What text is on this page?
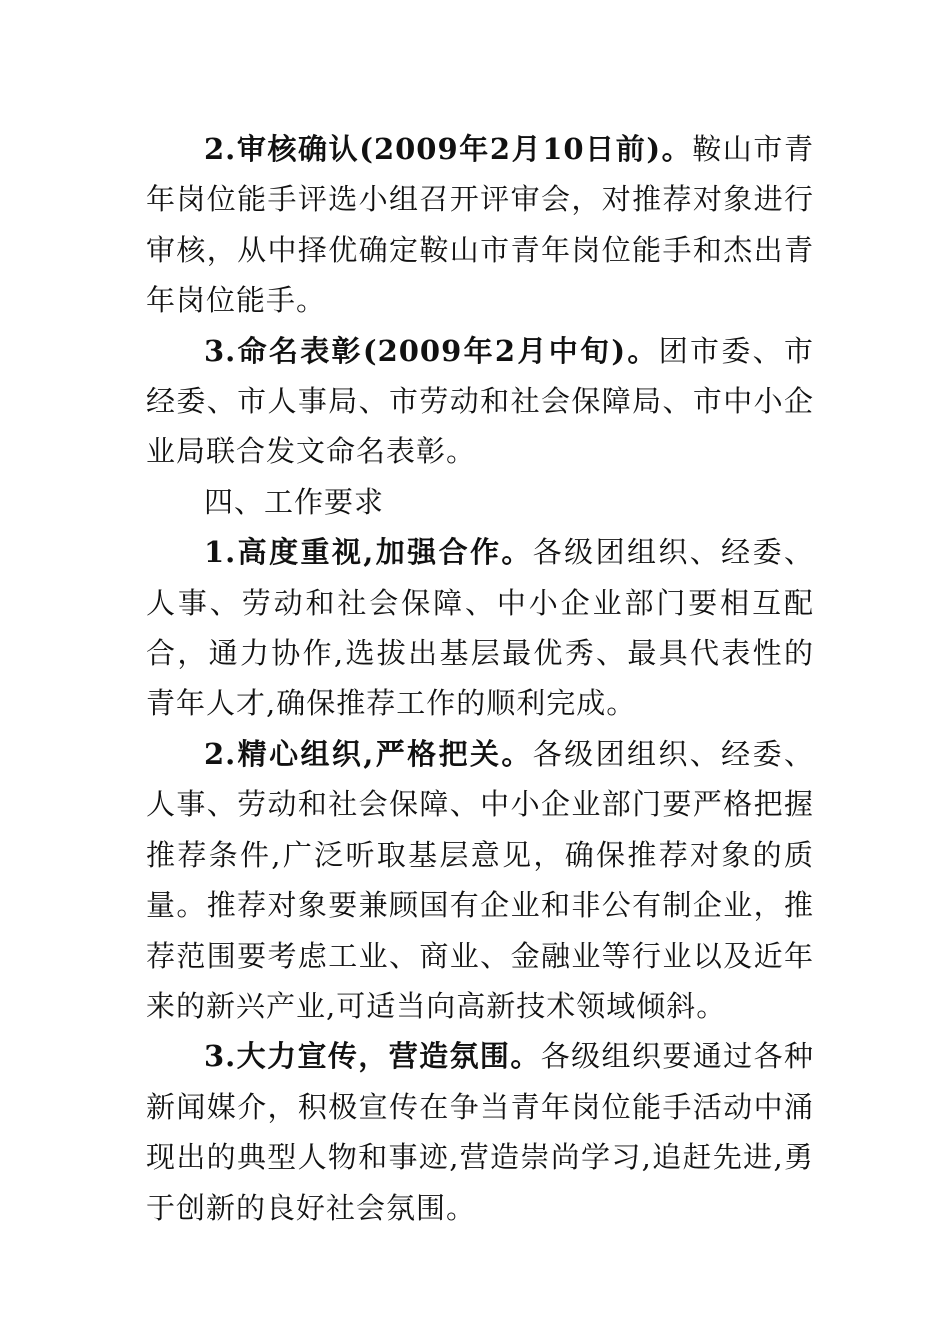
2.审核确认(2009年2月10日前)。鞍山市青年岗位能手评选小组召开评审会，对推荐对象进行审核，从中择优确定鞍山市青年岗位能手和杰出青年岗位能手。

3.命名表彰(2009年2月中旬)。团市委、市经委、市人事局、市劳动和社会保障局、市中小企业局联合发文命名表彰。

四、工作要求

1.高度重视,加强合作。各级团组织、经委、人事、劳动和社会保障、中小企业部门要相互配合，通力协作,选拔出基层最优秀、最具代表性的青年人才,确保推荐工作的顺利完成。

2.精心组织,严格把关。各级团组织、经委、人事、劳动和社会保障、中小企业部门要严格把握推荐条件,广泛听取基层意见，确保推荐对象的质量。推荐对象要兼顾国有企业和非公有制企业，推荐范围要考虑工业、商业、金融业等行业以及近年来的新兴产业,可适当向高新技术领域倾斜。

3.大力宣传，营造氛围。各级组织要通过各种新闻媒介，积极宣传在争当青年岗位能手活动中涌现出的典型人物和事迹,营造崇尚学习,追赶先进,勇于创新的良好社会氛围。
